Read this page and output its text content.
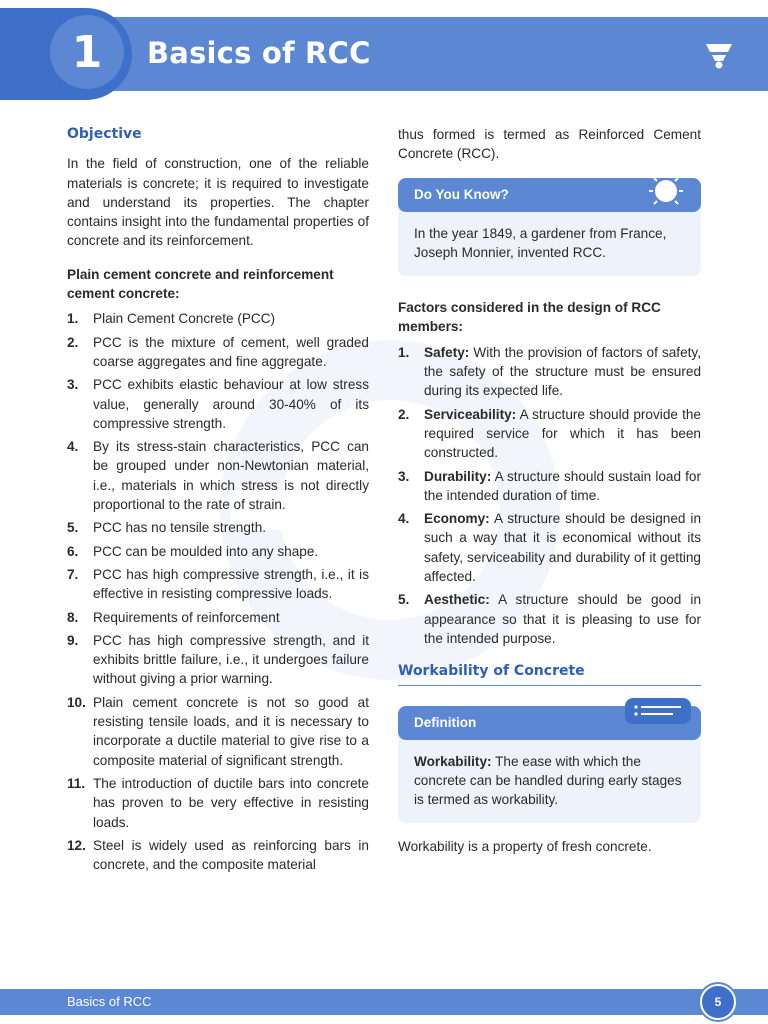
1	Basics of RCC
Objective

In the field of construction, one of the reliable materials is concrete; it is required to investigate and understand its properties. The chapter contains insight into the fundamental properties of concrete and its reinforcement.

Plain cement concrete and reinforcement cement concrete:

1. Plain Cement Concrete (PCC)
2. PCC is the mixture of cement, well graded coarse aggregates and fine aggregate.
3. PCC exhibits elastic behaviour at low stress value, generally around 30-40% of its compressive strength.
4. By its stress-stain characteristics, PCC can be grouped under non-Newtonian material, i.e., materials in which stress is not directly proportional to the rate of strain.
5. PCC has no tensile strength.
6. PCC can be moulded into any shape.
7. PCC has high compressive strength, i.e., it is effective in resisting compressive loads.
8. Requirements of reinforcement
9. PCC has high compressive strength, and it exhibits brittle failure, i.e., it undergoes failure without giving a prior warning.
10. Plain cement concrete is not so good at resisting tensile loads, and it is necessary to incorporate a ductile material to give rise to a composite material of significant strength.
11. The introduction of ductile bars into concrete has proven to be very effective in resisting loads.
12. Steel is widely used as reinforcing bars in concrete, and the composite material

thus formed is termed as Reinforced Cement Concrete (RCC).

Do You Know?
In the year 1849, a gardener from France, Joseph Monnier, invented RCC.

Factors considered in the design of RCC members:

1. Safety: With the provision of factors of safety, the safety of the structure must be ensured during its expected life.
2. Serviceability: A structure should provide the required service for which it has been constructed.
3. Durability: A structure should sustain load for the intended duration of time.
4. Economy: A structure should be designed in such a way that it is economical without its safety, serviceability and durability of it getting affected.
5. Aesthetic: A structure should be good in appearance so that it is pleasing to use for the intended purpose.
Workability of Concrete
Definition
Workability: The ease with which the concrete can be handled during early stages is termed as workability.

Workability is a property of fresh concrete.

Basics of RCC	5
